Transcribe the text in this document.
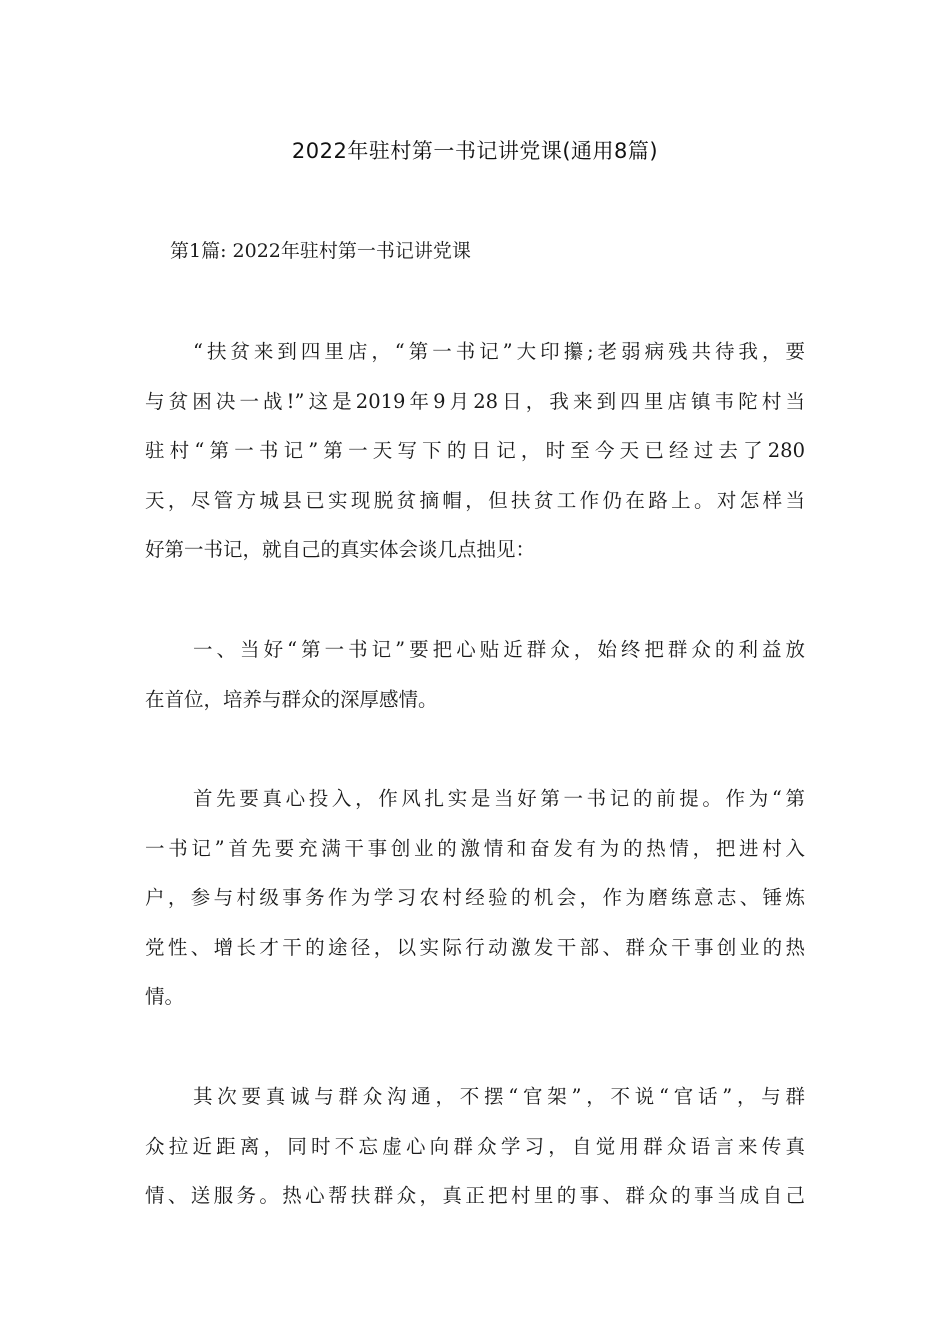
2022年驻村第一书记讲党课(通用8篇)
第1篇: 2022年驻村第一书记讲党课
“扶贫来到四里店，“第一书记”大印攥;老弱病残共待我，要
与贫困决一战!”这是2019年9月28日，我来到四里店镇韦陀村当
驻村“第一书记”第一天写下的日记，时至今天已经过去了280
天，尽管方城县已实现脱贫摘帽，但扶贫工作仍在路上。对怎样当
好第一书记，就自己的真实体会谈几点拙见：
一、当好“第一书记”要把心贴近群众，始终把群众的利益放
在首位，培养与群众的深厚感情。
首先要真心投入，作风扎实是当好第一书记的前提。作为“第
一书记”首先要充满干事创业的激情和奋发有为的热情，把进村入
户，参与村级事务作为学习农村经验的机会，作为磨练意志、锤炼
党性、增长才干的途径，以实际行动激发干部、群众干事创业的热
情。
其次要真诚与群众沟通，不摆“官架”，不说“官话”，与群
众拉近距离，同时不忘虚心向群众学习，自觉用群众语言来传真
情、送服务。热心帮扶群众，真正把村里的事、群众的事当成自己
